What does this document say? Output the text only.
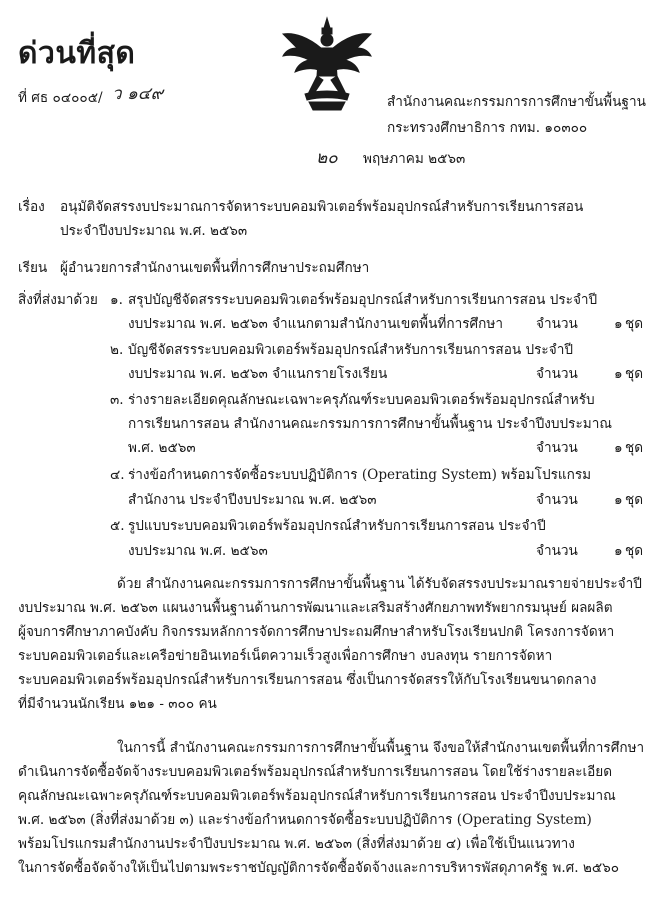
ด่วนที่สุด
ที่ ศธ ๐๔๐๐๕/ ว ๑๔๙	สำนักงานคณะกรรมการการศึกษาขั้นพื้นฐาน
กระทรวงศึกษาธิการ กทม. ๑๐๓๐๐
๒๐ พฤษภาคม ๒๕๖๓
เรื่อง อนุมัติจัดสรรงบประมาณการจัดหาระบบคอมพิวเตอร์พร้อมอุปกรณ์สำหรับการเรียนการสอน
ประจำปีงบประมาณ พ.ศ. ๒๕๖๓
เรียน ผู้อำนวยการสำนักงานเขตพื้นที่การศึกษาประถมศึกษา
สิ่งที่ส่งมาด้วย ๑. สรุปบัญชีจัดสรรระบบคอมพิวเตอร์พร้อมอุปกรณ์สำหรับการเรียนการสอน ประจำปี
งบประมาณ พ.ศ. ๒๕๖๓ จำแนกตามสำนักงานเขตพื้นที่การศึกษา จำนวน	๑ ชุด
๒. บัญชีจัดสรรระบบคอมพิวเตอร์พร้อมอุปกรณ์สำหรับการเรียนการสอน ประจำปี
งบประมาณ พ.ศ. ๒๕๖๓ จำแนกรายโรงเรียน	จำนวน	๑ ชุด
๓. ร่างรายละเอียดคุณลักษณะเฉพาะครุภัณฑ์ระบบคอมพิวเตอร์พร้อมอุปกรณ์สำหรับ
การเรียนการสอน สำนักงานคณะกรรมการการศึกษาขั้นพื้นฐาน ประจำปีงบประมาณ
พ.ศ. ๒๕๖๓	จำนวน	๑ ชุด
๔. ร่างข้อกำหนดการจัดซื้อระบบปฏิบัติการ (Operating System) พร้อมโปรแกรม
สำนักงาน ประจำปีงบประมาณ พ.ศ. ๒๕๖๓	จำนวน	๑ ชุด
๕. รูปแบบระบบคอมพิวเตอร์พร้อมอุปกรณ์สำหรับการเรียนการสอน ประจำปี
งบประมาณ พ.ศ. ๒๕๖๓	จำนวน	๑ ชุด
ด้วย สำนักงานคณะกรรมการการศึกษาขั้นพื้นฐาน ได้รับจัดสรรงบประมาณรายจ่ายประจำปี
งบประมาณ พ.ศ. ๒๕๖๓ แผนงานพื้นฐานด้านการพัฒนาและเสริมสร้างศักยภาพทรัพยากรมนุษย์ ผลผลิต
ผู้จบการศึกษาภาคบังคับ กิจกรรมหลักการจัดการศึกษาประถมศึกษาสำหรับโรงเรียนปกติ โครงการจัดหา
ระบบคอมพิวเตอร์และเครือข่ายอินเทอร์เน็ตความเร็วสูงเพื่อการศึกษา งบลงทุน รายการจัดหา
ระบบคอมพิวเตอร์พร้อมอุปกรณ์สำหรับการเรียนการสอน ซึ่งเป็นการจัดสรรให้กับโรงเรียนขนาดกลาง
ที่มีจำนวนนักเรียน ๑๒๑ - ๓๐๐ คน
ในการนี้ สำนักงานคณะกรรมการการศึกษาขั้นพื้นฐาน จึงขอให้สำนักงานเขตพื้นที่การศึกษา
ดำเนินการจัดซื้อจัดจ้างระบบคอมพิวเตอร์พร้อมอุปกรณ์สำหรับการเรียนการสอน โดยใช้ร่างรายละเอียด
คุณลักษณะเฉพาะครุภัณฑ์ระบบคอมพิวเตอร์พร้อมอุปกรณ์สำหรับการเรียนการสอน ประจำปีงบประมาณ
พ.ศ. ๒๕๖๓ (สิ่งที่ส่งมาด้วย ๓) และร่างข้อกำหนดการจัดซื้อระบบปฏิบัติการ (Operating System)
พร้อมโปรแกรมสำนักงานประจำปีงบประมาณ พ.ศ. ๒๕๖๓ (สิ่งที่ส่งมาด้วย ๔) เพื่อใช้เป็นแนวทาง
ในการจัดซื้อจัดจ้างให้เป็นไปตามพระราชบัญญัติการจัดซื้อจัดจ้างและการบริหารพัสดุภาครัฐ พ.ศ. ๒๕๖๐
